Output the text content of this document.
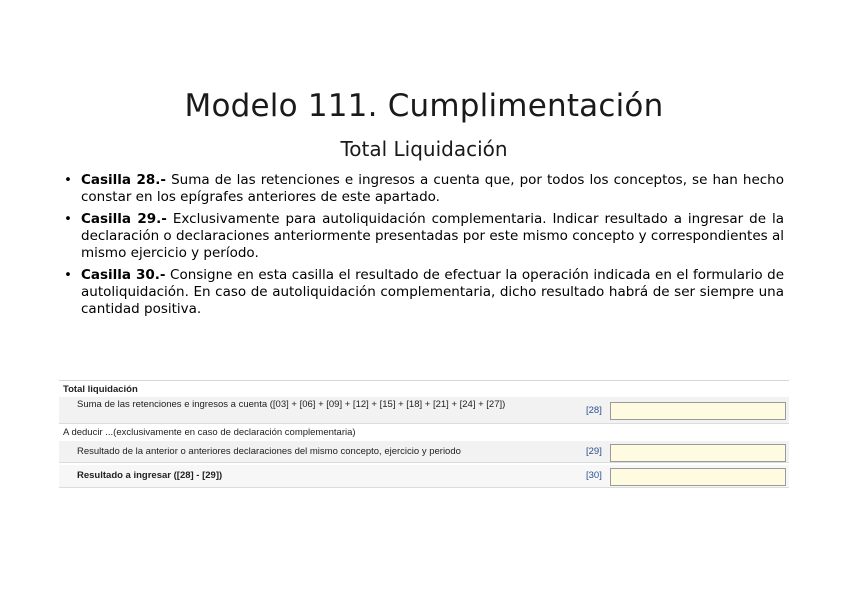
Modelo 111. Cumplimentación
Total Liquidación
• Casilla 28.- Suma de las retenciones e ingresos a cuenta que, por todos los conceptos, se han hecho constar en los epígrafes anteriores de este apartado.
• Casilla 29.- Exclusivamente para autoliquidación complementaria. Indicar resultado a ingresar de la declaración o declaraciones anteriormente presentadas por este mismo concepto y correspondientes al mismo ejercicio y período.
• Casilla 30.- Consigne en esta casilla el resultado de efectuar la operación indicada en el formulario de autoliquidación. En caso de autoliquidación complementaria, dicho resultado habrá de ser siempre una cantidad positiva.
Total liquidación
Suma de las retenciones e ingresos a cuenta ([03] + [06] + [09] + [12] + [15] + [18] + [21] + [24] + [27])
[28]
A deducir ...(exclusivamente en caso de declaración complementaria)
Resultado de la anterior o anteriores declaraciones del mismo concepto, ejercicio y periodo	[29]
Resultado a ingresar ([28] - [29])	[30]
